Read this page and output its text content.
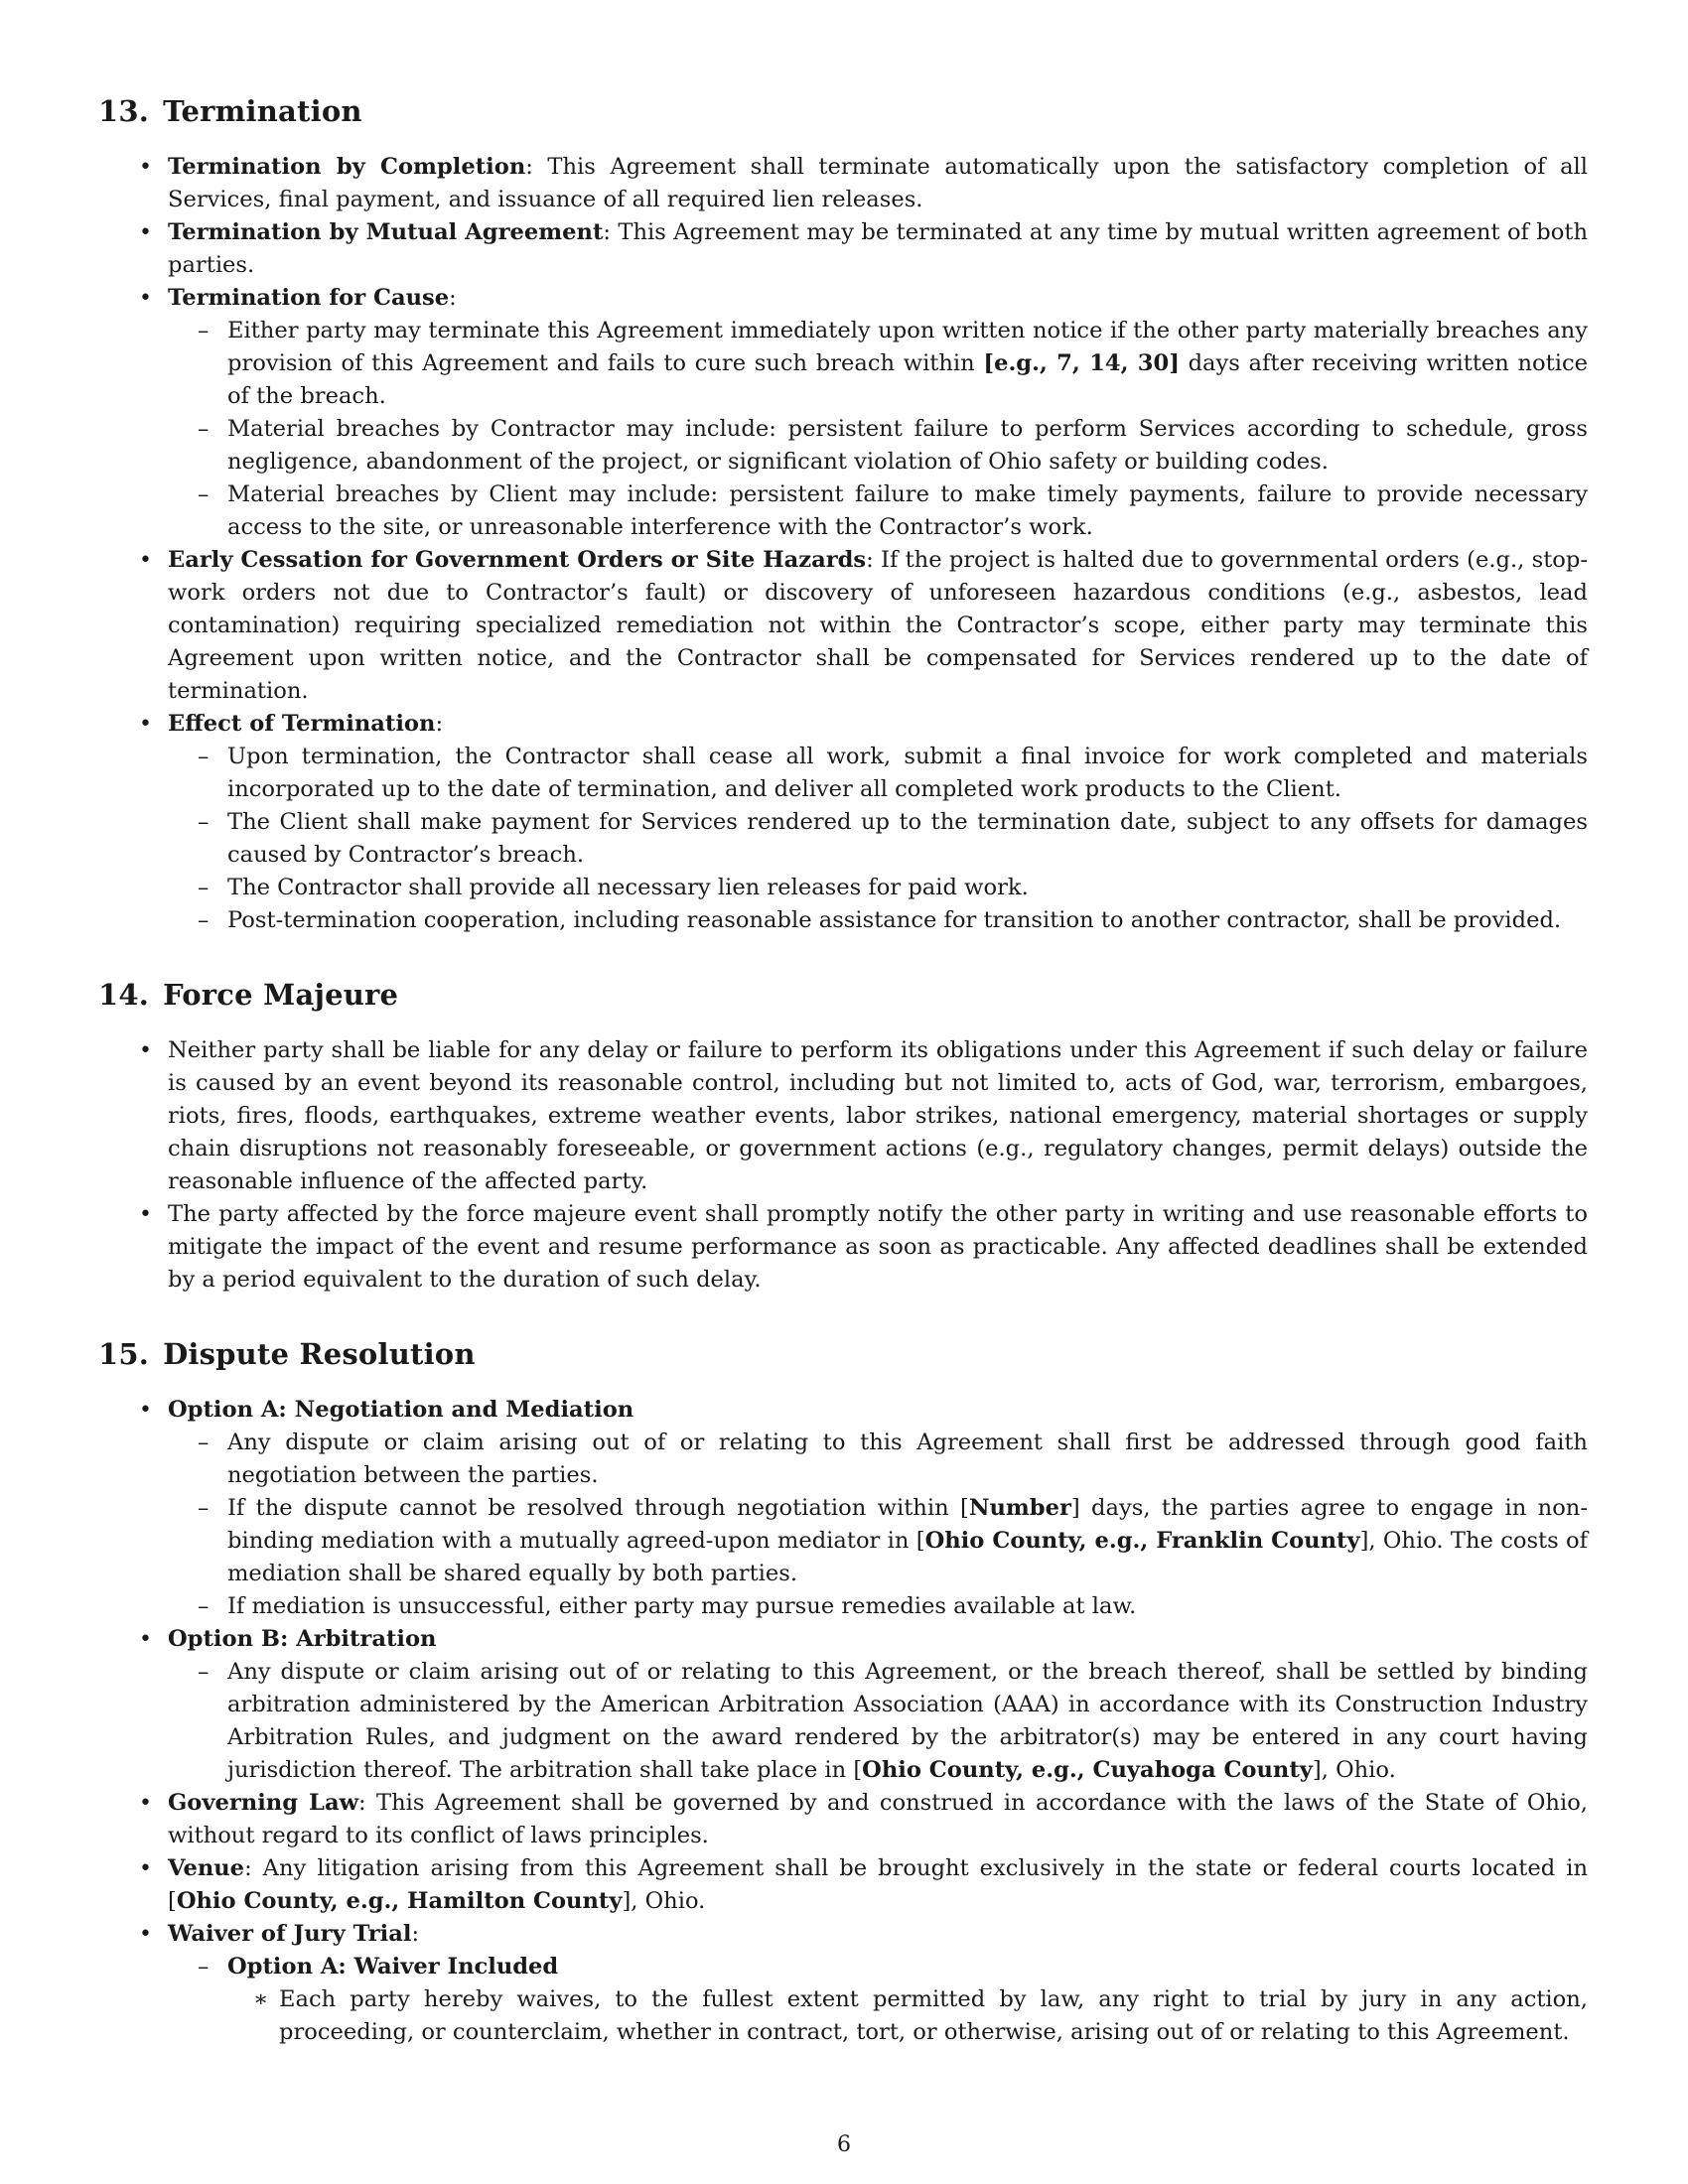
13. Termination
• Termination by Completion: This Agreement shall terminate automatically upon the satisfactory completion of all Services, final payment, and issuance of all required lien releases.
• Termination by Mutual Agreement: This Agreement may be terminated at any time by mutual written agreement of both parties.
• Termination for Cause:
– Either party may terminate this Agreement immediately upon written notice if the other party materially breaches any provision of this Agreement and fails to cure such breach within [e.g., 7, 14, 30] days after receiving written notice of the breach.
– Material breaches by Contractor may include: persistent failure to perform Services according to schedule, gross negligence, abandonment of the project, or significant violation of Ohio safety or building codes.
– Material breaches by Client may include: persistent failure to make timely payments, failure to provide necessary access to the site, or unreasonable interference with the Contractor’s work.
• Early Cessation for Government Orders or Site Hazards: If the project is halted due to governmental orders (e.g., stop-work orders not due to Contractor’s fault) or discovery of unforeseen hazardous conditions (e.g., asbestos, lead contamination) requiring specialized remediation not within the Contractor’s scope, either party may terminate this Agreement upon written notice, and the Contractor shall be compensated for Services rendered up to the date of termination.
• Effect of Termination:
– Upon termination, the Contractor shall cease all work, submit a final invoice for work completed and materials incorporated up to the date of termination, and deliver all completed work products to the Client.
– The Client shall make payment for Services rendered up to the termination date, subject to any offsets for damages caused by Contractor’s breach.
– The Contractor shall provide all necessary lien releases for paid work.
– Post-termination cooperation, including reasonable assistance for transition to another contractor, shall be provided.
14. Force Majeure
• Neither party shall be liable for any delay or failure to perform its obligations under this Agreement if such delay or failure is caused by an event beyond its reasonable control, including but not limited to, acts of God, war, terrorism, embargoes, riots, fires, floods, earthquakes, extreme weather events, labor strikes, national emergency, material shortages or supply chain disruptions not reasonably foreseeable, or government actions (e.g., regulatory changes, permit delays) outside the reasonable influence of the affected party.
• The party affected by the force majeure event shall promptly notify the other party in writing and use reasonable efforts to mitigate the impact of the event and resume performance as soon as practicable. Any affected deadlines shall be extended by a period equivalent to the duration of such delay.
15. Dispute Resolution
• Option A: Negotiation and Mediation
– Any dispute or claim arising out of or relating to this Agreement shall first be addressed through good faith negotiation between the parties.
– If the dispute cannot be resolved through negotiation within [Number] days, the parties agree to engage in non-binding mediation with a mutually agreed-upon mediator in [Ohio County, e.g., Franklin County], Ohio. The costs of mediation shall be shared equally by both parties.
– If mediation is unsuccessful, either party may pursue remedies available at law.
• Option B: Arbitration
– Any dispute or claim arising out of or relating to this Agreement, or the breach thereof, shall be settled by binding arbitration administered by the American Arbitration Association (AAA) in accordance with its Construction Industry Arbitration Rules, and judgment on the award rendered by the arbitrator(s) may be entered in any court having jurisdiction thereof. The arbitration shall take place in [Ohio County, e.g., Cuyahoga County], Ohio.
• Governing Law: This Agreement shall be governed by and construed in accordance with the laws of the State of Ohio, without regard to its conflict of laws principles.
• Venue: Any litigation arising from this Agreement shall be brought exclusively in the state or federal courts located in [Ohio County, e.g., Hamilton County], Ohio.
• Waiver of Jury Trial:
– Option A: Waiver Included
∗ Each party hereby waives, to the fullest extent permitted by law, any right to trial by jury in any action, proceeding, or counterclaim, whether in contract, tort, or otherwise, arising out of or relating to this Agreement.
6
